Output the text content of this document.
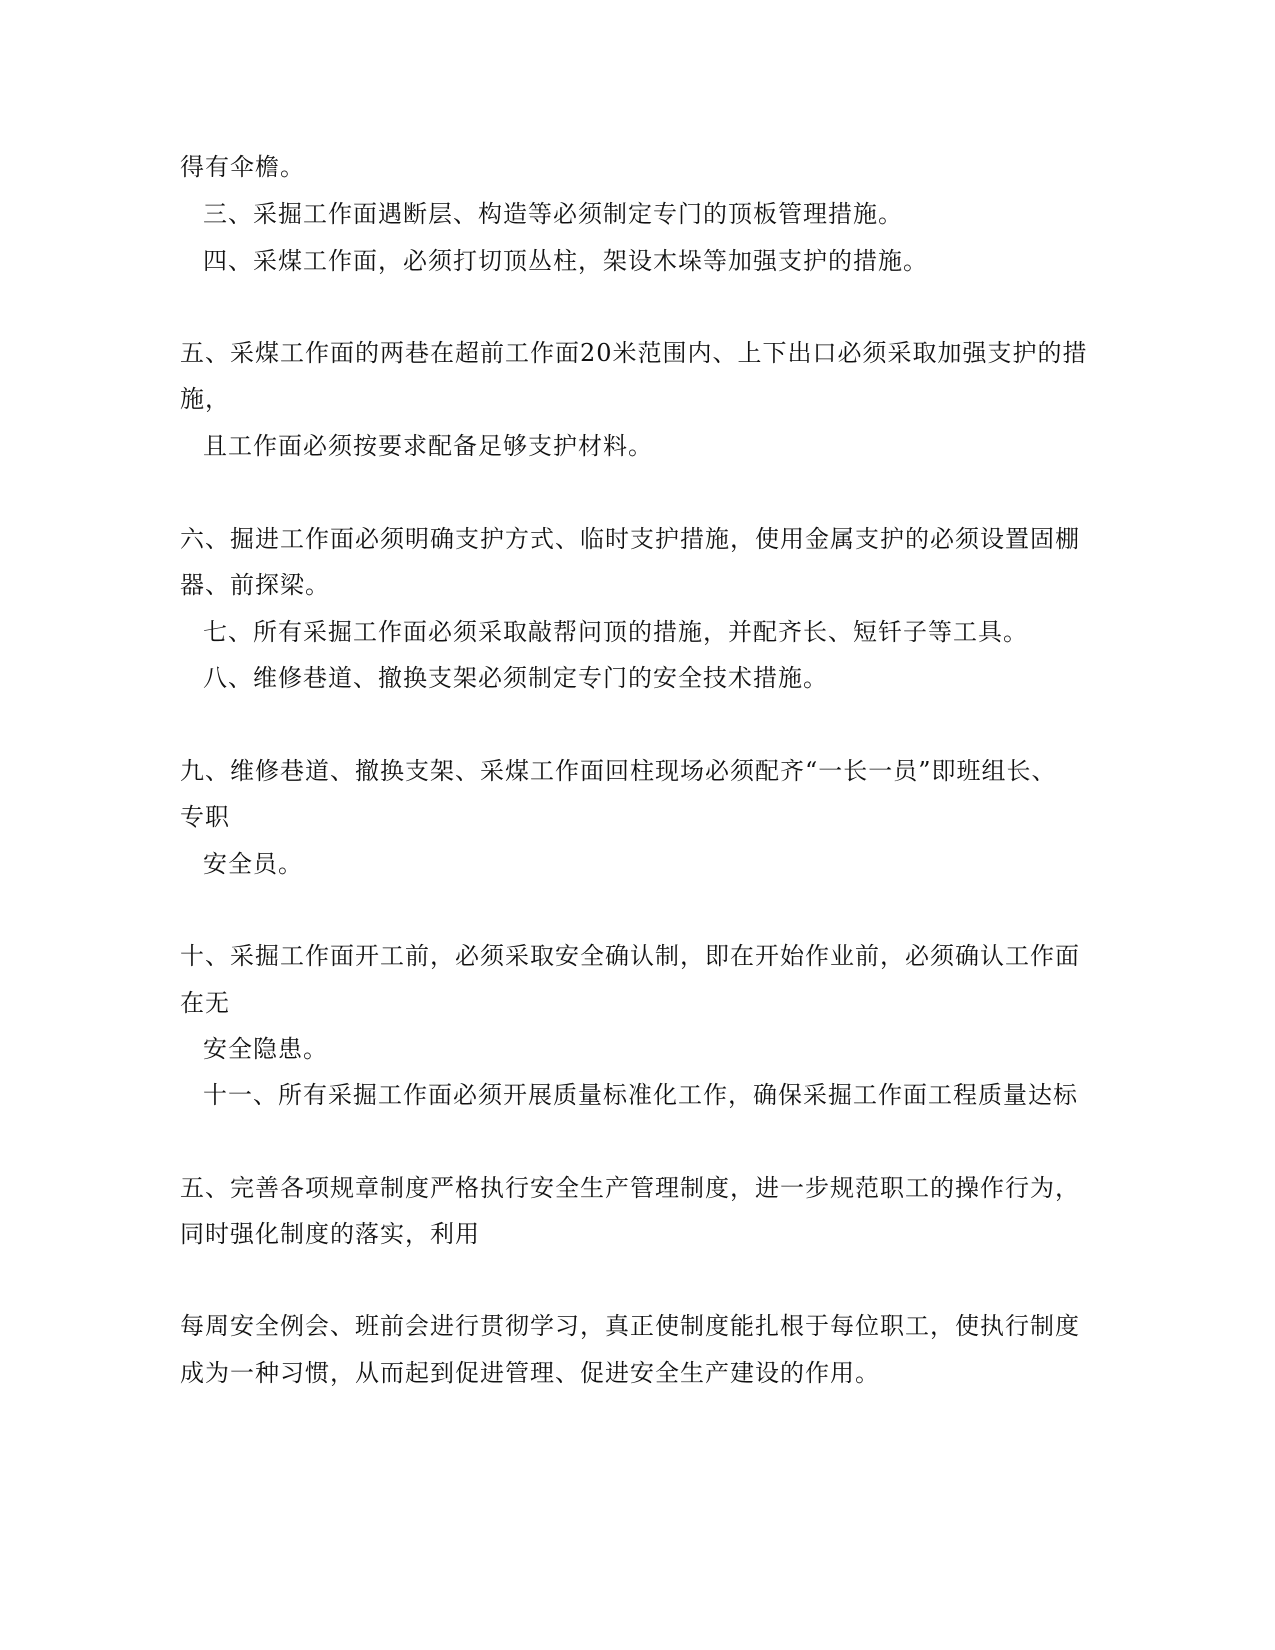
得有伞檐。
三、采掘工作面遇断层、构造等必须制定专门的顶板管理措施。
四、采煤工作面，必须打切顶丛柱，架设木垛等加强支护的措施。
五、采煤工作面的两巷在超前工作面20米范围内、上下出口必须采取加强支护的措
施，
且工作面必须按要求配备足够支护材料。
六、掘进工作面必须明确支护方式、临时支护措施，使用金属支护的必须设置固棚
器、前探梁。
七、所有采掘工作面必须采取敲帮问顶的措施，并配齐长、短钎子等工具。
八、维修巷道、撤换支架必须制定专门的安全技术措施。
九、维修巷道、撤换支架、采煤工作面回柱现场必须配齐“一长一员”即班组长、
专职
安全员。
十、采掘工作面开工前，必须采取安全确认制，即在开始作业前，必须确认工作面
在无
安全隐患。
十一、所有采掘工作面必须开展质量标准化工作，确保采掘工作面工程质量达标
五、完善各项规章制度严格执行安全生产管理制度，进一步规范职工的操作行为，
同时强化制度的落实，利用
每周安全例会、班前会进行贯彻学习，真正使制度能扎根于每位职工，使执行制度
成为一种习惯，从而起到促进管理、促进安全生产建设的作用。
